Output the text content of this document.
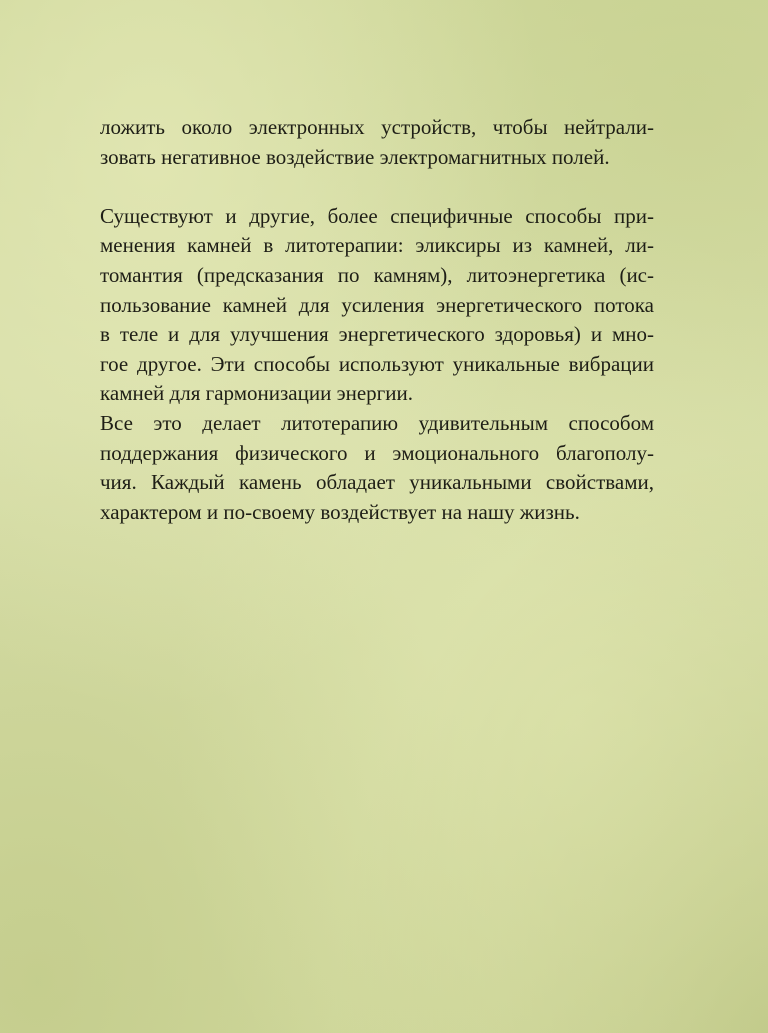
ложить около электронных устройств, чтобы нейтрали-
зовать негативное воздействие электромагнитных полей.
Существуют и другие, более специфичные способы при-
менения камней в литотерапии: эликсиры из камней, ли-
томантия (предсказания по камням), литоэнергетика (ис-
пользование камней для усиления энергетического потока
в теле и для улучшения энергетического здоровья) и мно-
гое другое. Эти способы используют уникальные вибрации
камней для гармонизации энергии.
Все это делает литотерапию удивительным способом
поддержания физического и эмоционального благополу-
чия. Каждый камень обладает уникальными свойствами,
характером и по-своему воздействует на нашу жизнь.
